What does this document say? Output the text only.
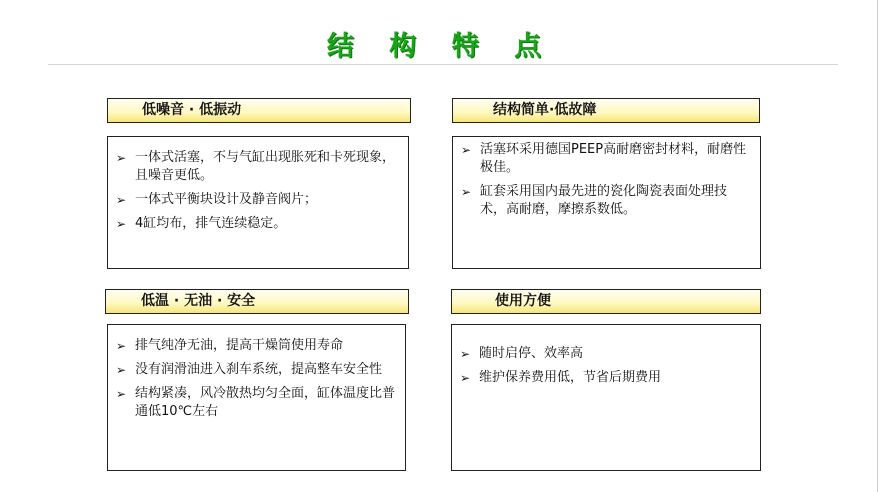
结 构 特 点
低噪音 · 低振动
➢ 一体式活塞，不与气缸出现胀死和卡死现象，且噪音更低。
➢ 一体式平衡块设计及静音阀片；
➢ 4缸均布，排气连续稳定。
结构简单·低故障
➢ 活塞环采用德国PEEP高耐磨密封材料，耐磨性极佳。
➢ 缸套采用国内最先进的瓷化陶瓷表面处理技术，高耐磨，摩擦系数低。
低温 · 无油 · 安全
➢ 排气纯净无油，提高干燥筒使用寿命
➢ 没有润滑油进入刹车系统，提高整车安全性
➢ 结构紧凑，风冷散热均匀全面，缸体温度比普通低10℃左右
使用方便
➢ 随时启停、效率高
➢ 维护保养费用低，节省后期费用
